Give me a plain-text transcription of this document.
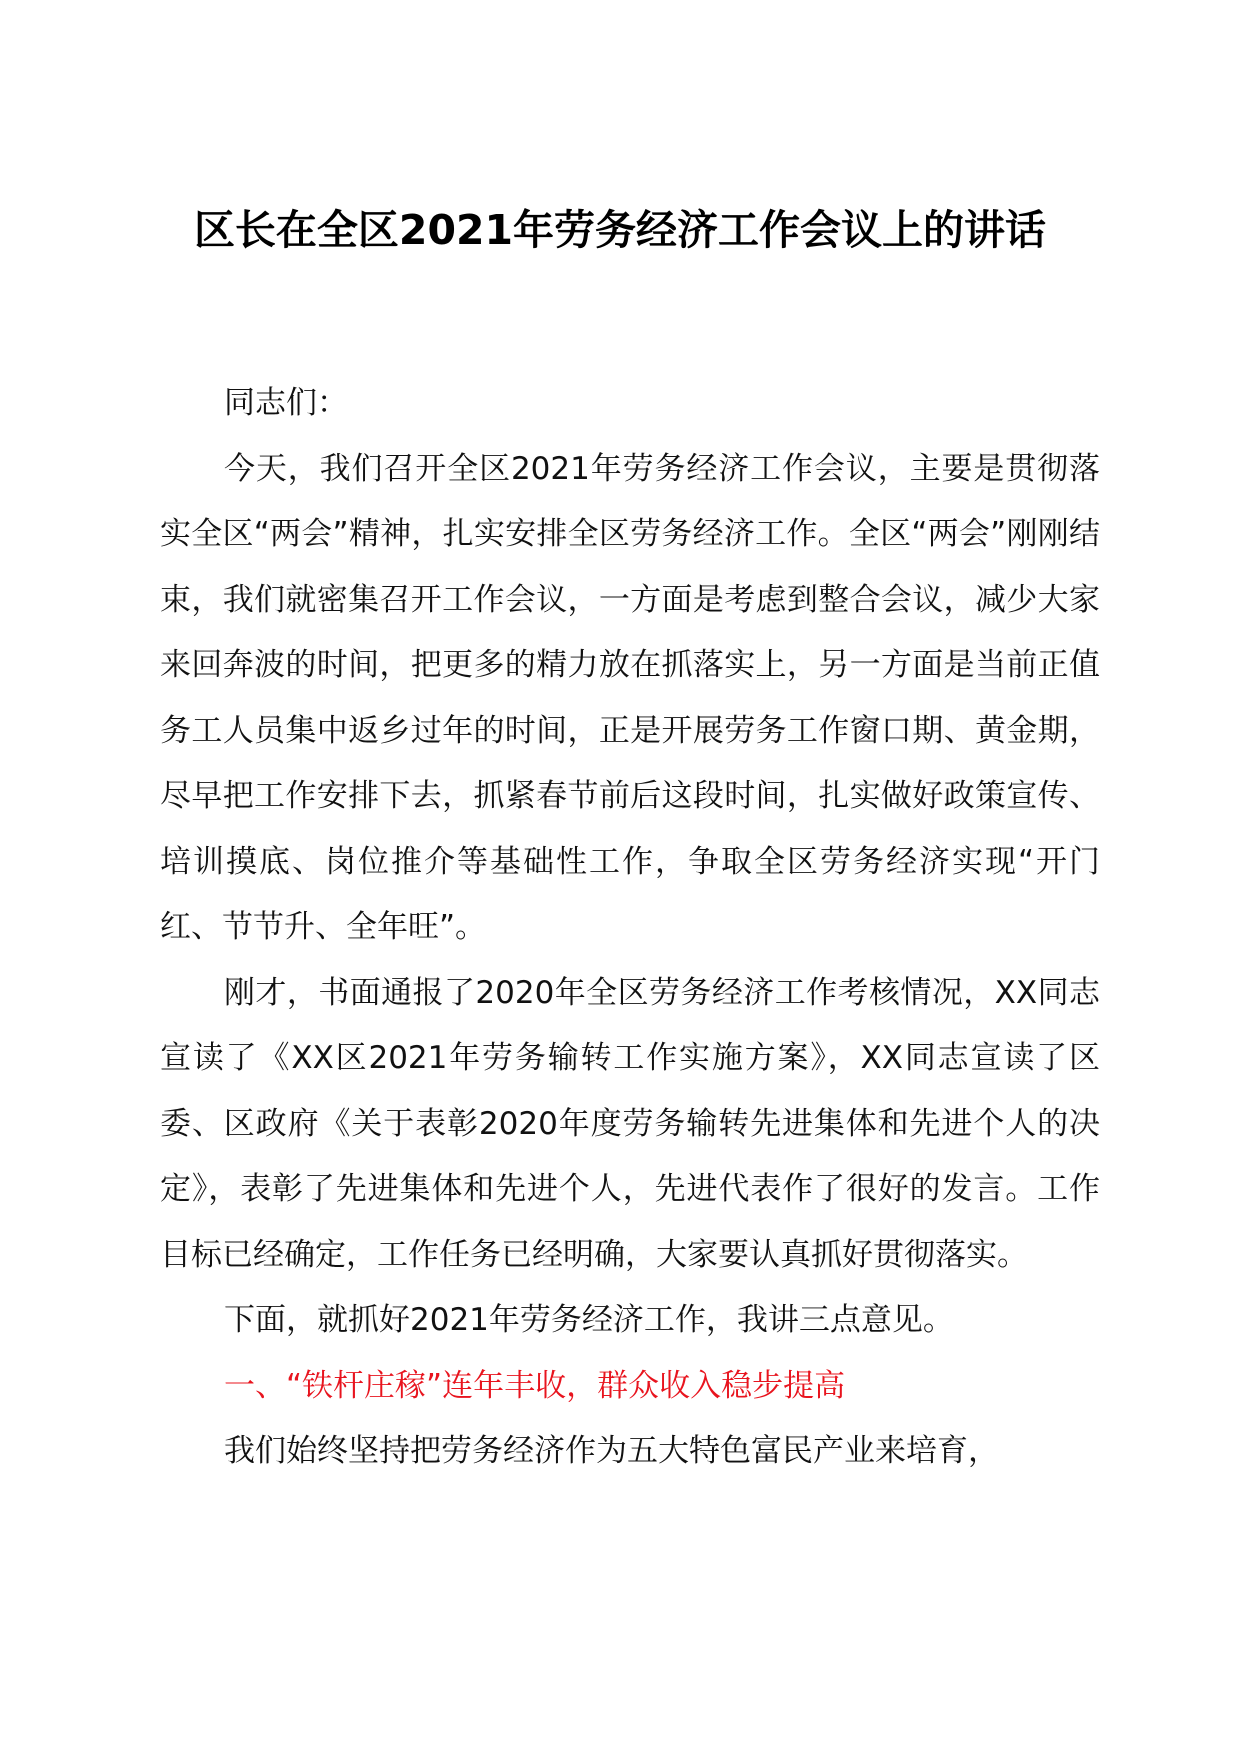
区长在全区2021年劳务经济工作会议上的讲话

同志们：

今天，我们召开全区2021年劳务经济工作会议，主要是贯彻落实全区“两会”精神，扎实安排全区劳务经济工作。全区“两会”刚刚结束，我们就密集召开工作会议，一方面是考虑到整合会议，减少大家来回奔波的时间，把更多的精力放在抓落实上，另一方面是当前正值务工人员集中返乡过年的时间，正是开展劳务工作窗口期、黄金期，尽早把工作安排下去，抓紧春节前后这段时间，扎实做好政策宣传、培训摸底、岗位推介等基础性工作，争取全区劳务经济实现“开门红、节节升、全年旺”。

刚才，书面通报了2020年全区劳务经济工作考核情况，XX同志宣读了《XX区2021年劳务输转工作实施方案》，XX同志宣读了区委、区政府《关于表彰2020年度劳务输转先进集体和先进个人的决定》，表彰了先进集体和先进个人，先进代表作了很好的发言。工作目标已经确定，工作任务已经明确，大家要认真抓好贯彻落实。

下面，就抓好2021年劳务经济工作，我讲三点意见。

一、“铁杆庄稼”连年丰收，群众收入稳步提高

我们始终坚持把劳务经济作为五大特色富民产业来培育，
